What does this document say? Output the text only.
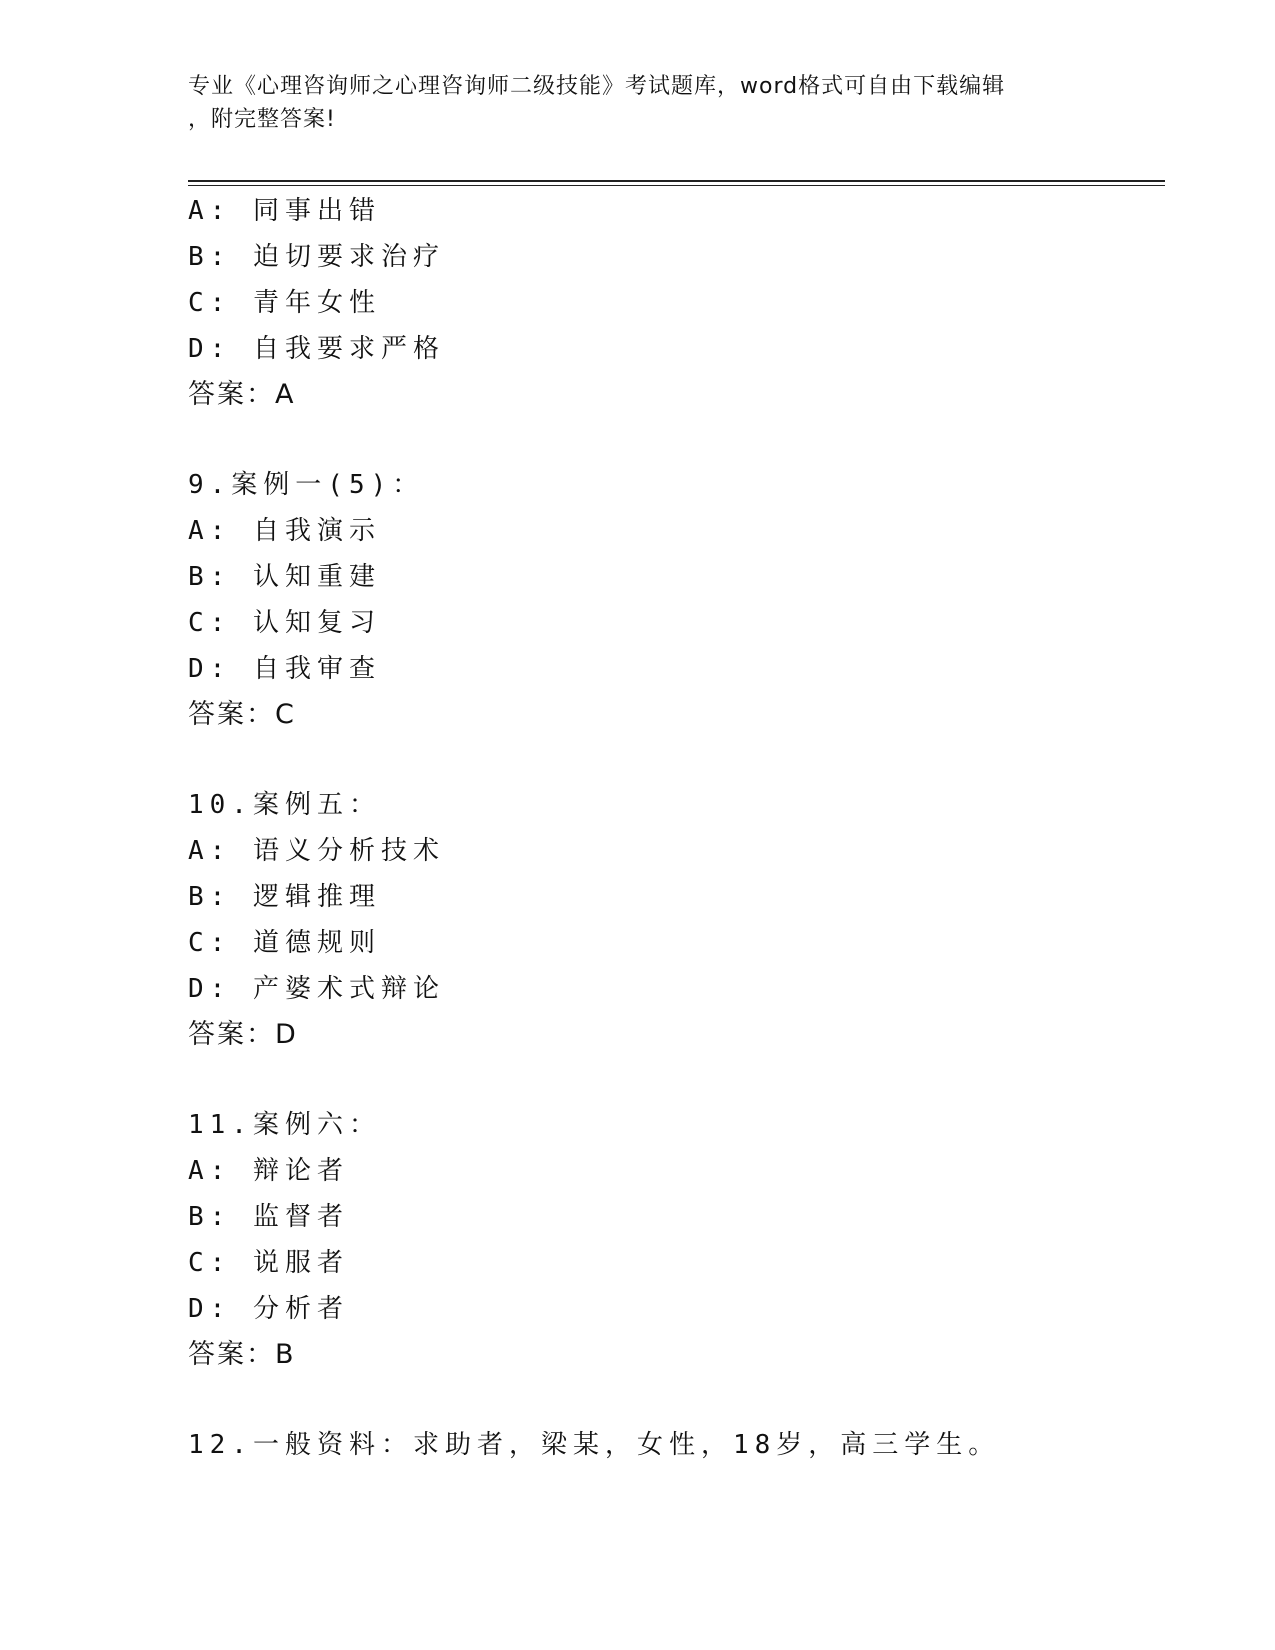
专业《心理咨询师之心理咨询师二级技能》考试题库，word格式可自由下载编辑
，附完整答案!
A: 同事出错
B: 迫切要求治疗
C: 青年女性
D: 自我要求严格
答案：A
9.案例一(5)：
A: 自我演示
B: 认知重建
C: 认知复习
D: 自我审查
答案：C
10.案例五：
A: 语义分析技术
B: 逻辑推理
C: 道德规则
D: 产婆术式辩论
答案：D
11.案例六：
A: 辩论者
B: 监督者
C: 说服者
D: 分析者
答案：B
12.一般资料：求助者，梁某，女性，18岁，高三学生。
